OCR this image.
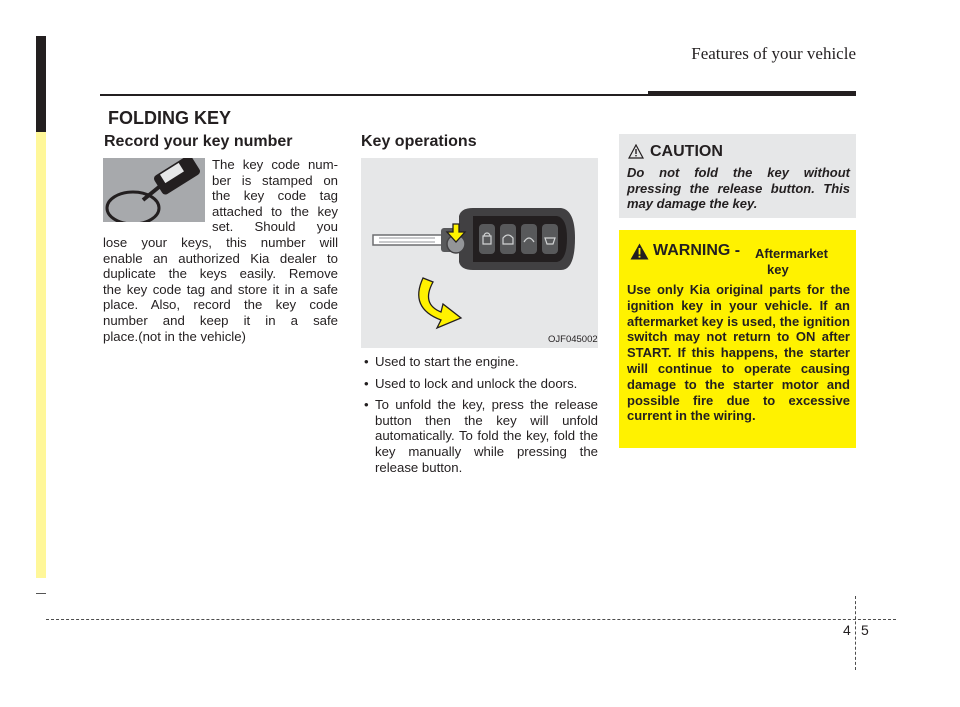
Features of your vehicle
FOLDING KEY
Record your key number
The key code num-
ber is stamped on
the key code tag
attached to the key
set. Should you
lose your keys, this number will
enable an authorized Kia dealer to
duplicate the keys easily. Remove
the key code tag and store it in a safe
place. Also, record the key code
number and keep it in a safe
place.(not in the vehicle)
Key operations
OJF045002
• Used to start the engine.
• Used to lock and unlock the doors.
• To unfold the key, press the release button then the key will unfold automatically. To fold the key, fold the key manually while pressing the release button.
CAUTION
Do not fold the key without pressing the release button. This may damage the key.
WARNING - Aftermarket
key
Use only Kia original parts for the ignition key in your vehicle. If an aftermarket key is used, the ignition switch may not return to ON after START. If this happens, the starter will continue to operate causing damage to the starter motor and possible fire due to excessive current in the wiring.
4 5
